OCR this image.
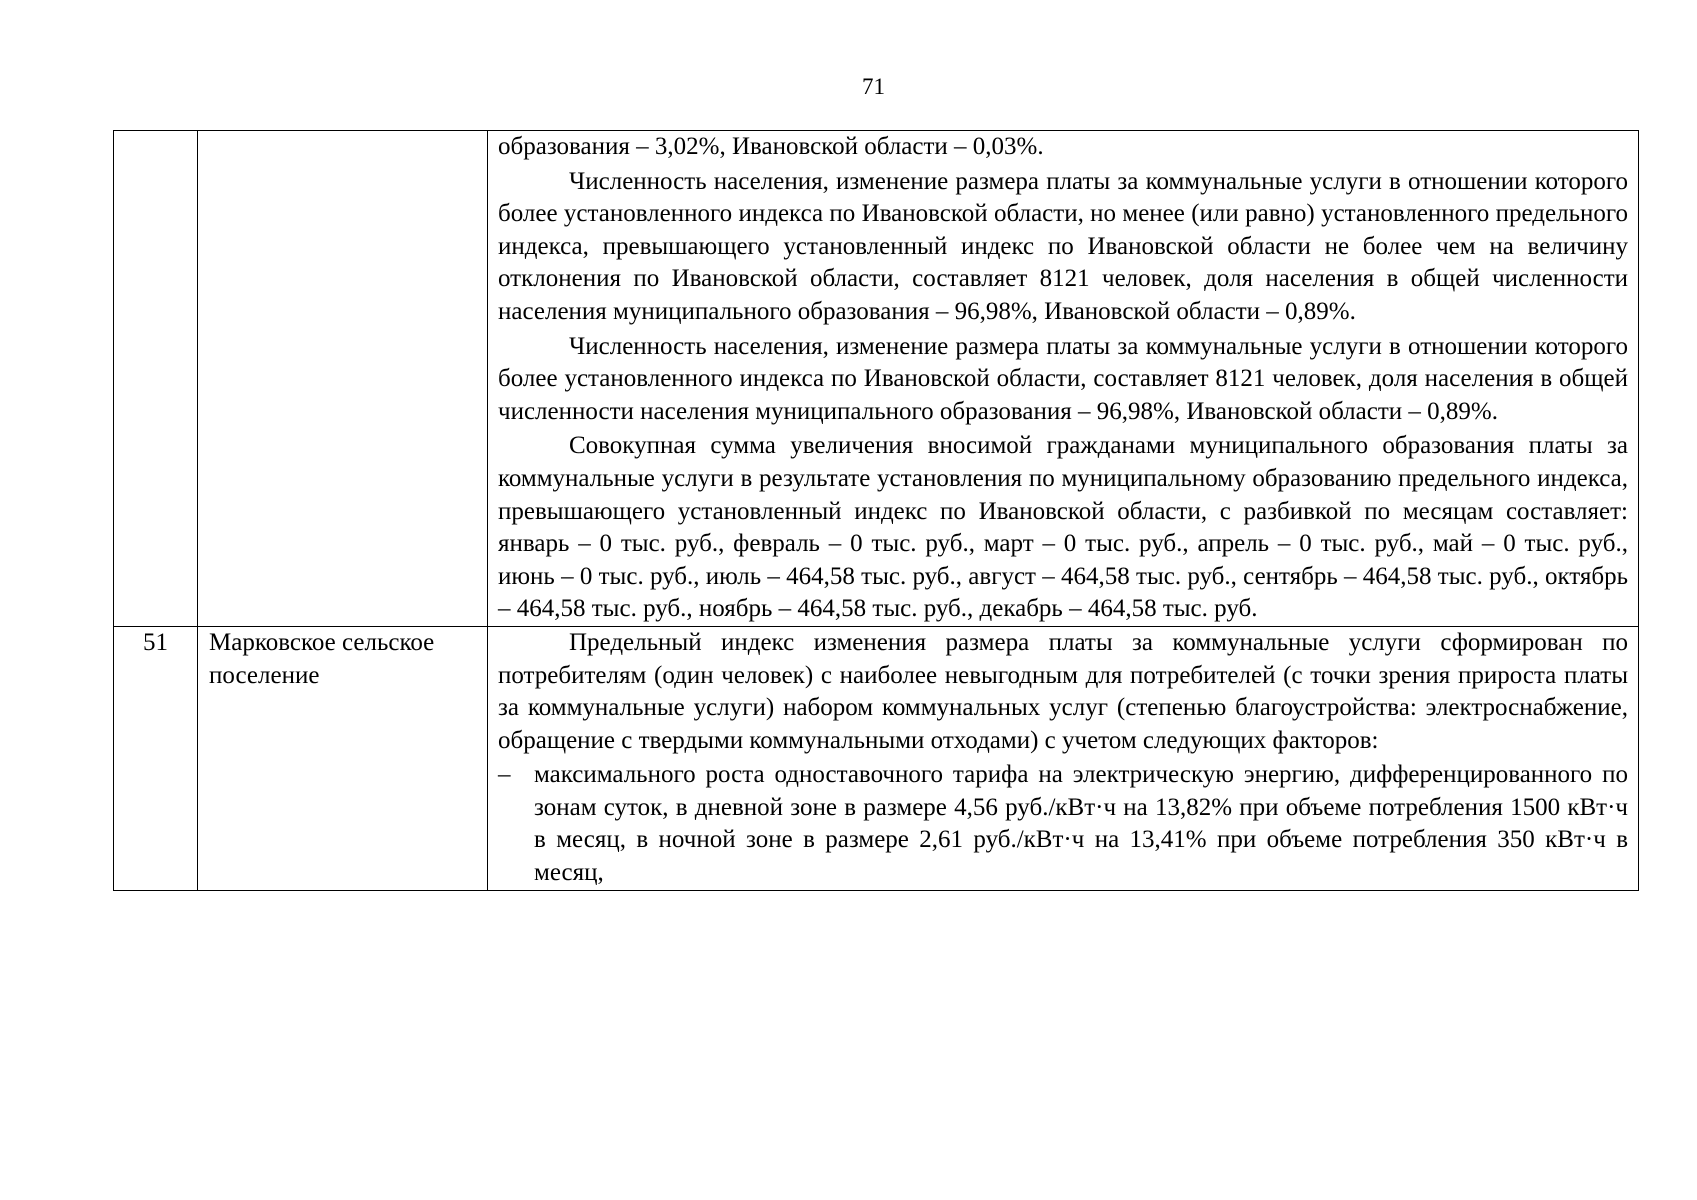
71

		образования – 3,02%, Ивановской области – 0,03%.

Численность населения, изменение размера платы за коммунальные услуги в отношении которого более установленного индекса по Ивановской области, но менее (или равно) установленного предельного индекса, превышающего установленный индекс по Ивановской области не более чем на величину отклонения по Ивановской области, составляет 8121 человек, доля населения в общей численности населения муниципального образования – 96,98%, Ивановской области – 0,89%.

Численность населения, изменение размера платы за коммунальные услуги в отношении которого более установленного индекса по Ивановской области, составляет 8121 человек, доля населения в общей численности населения муниципального образования – 96,98%, Ивановской области – 0,89%.

Совокупная сумма увеличения вносимой гражданами муниципального образования платы за коммунальные услуги в результате установления по муниципальному образованию предельного индекса, превышающего установленный индекс по Ивановской области, с разбивкой по месяцам составляет: январь – 0 тыс. руб., февраль – 0 тыс. руб., март – 0 тыс. руб., апрель – 0 тыс. руб., май – 0 тыс. руб., июнь – 0 тыс. руб., июль – 464,58 тыс. руб., август – 464,58 тыс. руб., сентябрь – 464,58 тыс. руб., октябрь – 464,58 тыс. руб., ноябрь – 464,58 тыс. руб., декабрь – 464,58 тыс. руб.

51	Марковское сельское поселение	Предельный индекс изменения размера платы за коммунальные услуги сформирован по потребителям (один человек) с наиболее невыгодным для потребителей (с точки зрения прироста платы за коммунальные услуги) набором коммунальных услуг (степенью благоустройства: электроснабжение, обращение с твердыми коммунальными отходами) с учетом следующих факторов:

– максимального роста одноставочного тарифа на электрическую энергию, дифференцированного по зонам суток, в дневной зоне в размере 4,56 руб./кВт·ч на 13,82% при объеме потребления 1500 кВт·ч в месяц, в ночной зоне в размере 2,61 руб./кВт·ч на 13,41% при объеме потребления 350 кВт·ч в месяц,
